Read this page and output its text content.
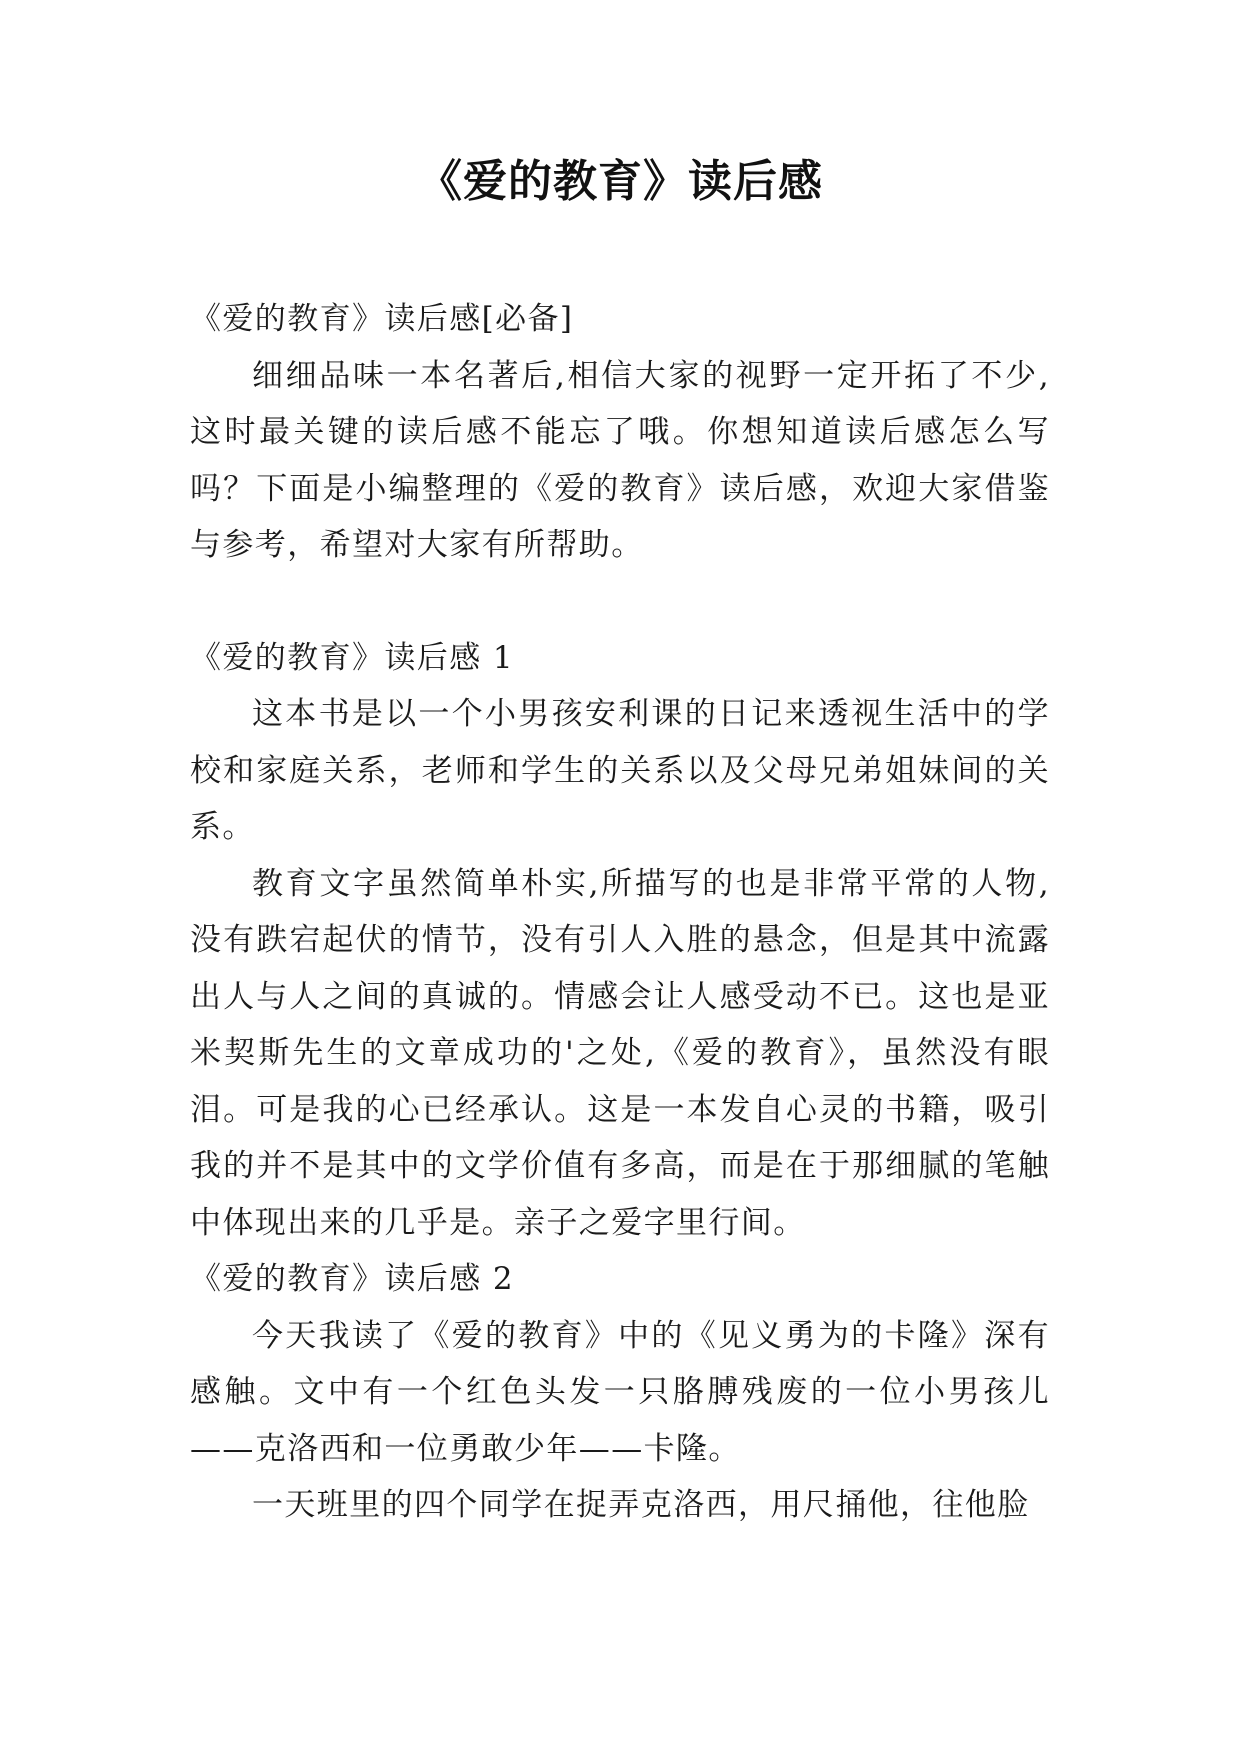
《爱的教育》读后感

《爱的教育》读后感[必备]

细细品味一本名著后,相信大家的视野一定开拓了不少,这时最关键的读后感不能忘了哦。你想知道读后感怎么写吗？下面是小编整理的《爱的教育》读后感，欢迎大家借鉴与参考，希望对大家有所帮助。

《爱的教育》读后感 1

这本书是以一个小男孩安利课的日记来透视生活中的学校和家庭关系，老师和学生的关系以及父母兄弟姐妹间的关系。

教育文字虽然简单朴实,所描写的也是非常平常的人物,没有跌宕起伏的情节，没有引人入胜的悬念，但是其中流露出人与人之间的真诚的。情感会让人感受动不已。这也是亚米契斯先生的文章成功的'之处,《爱的教育》，虽然没有眼泪。可是我的心已经承认。这是一本发自心灵的书籍，吸引我的并不是其中的文学价值有多高，而是在于那细腻的笔触中体现出来的几乎是。亲子之爱字里行间。

《爱的教育》读后感 2

今天我读了《爱的教育》中的《见义勇为的卡隆》深有感触。文中有一个红色头发一只胳膊残废的一位小男孩儿——克洛西和一位勇敢少年——卡隆。

一天班里的四个同学在捉弄克洛西，用尺捅他，往他脸
